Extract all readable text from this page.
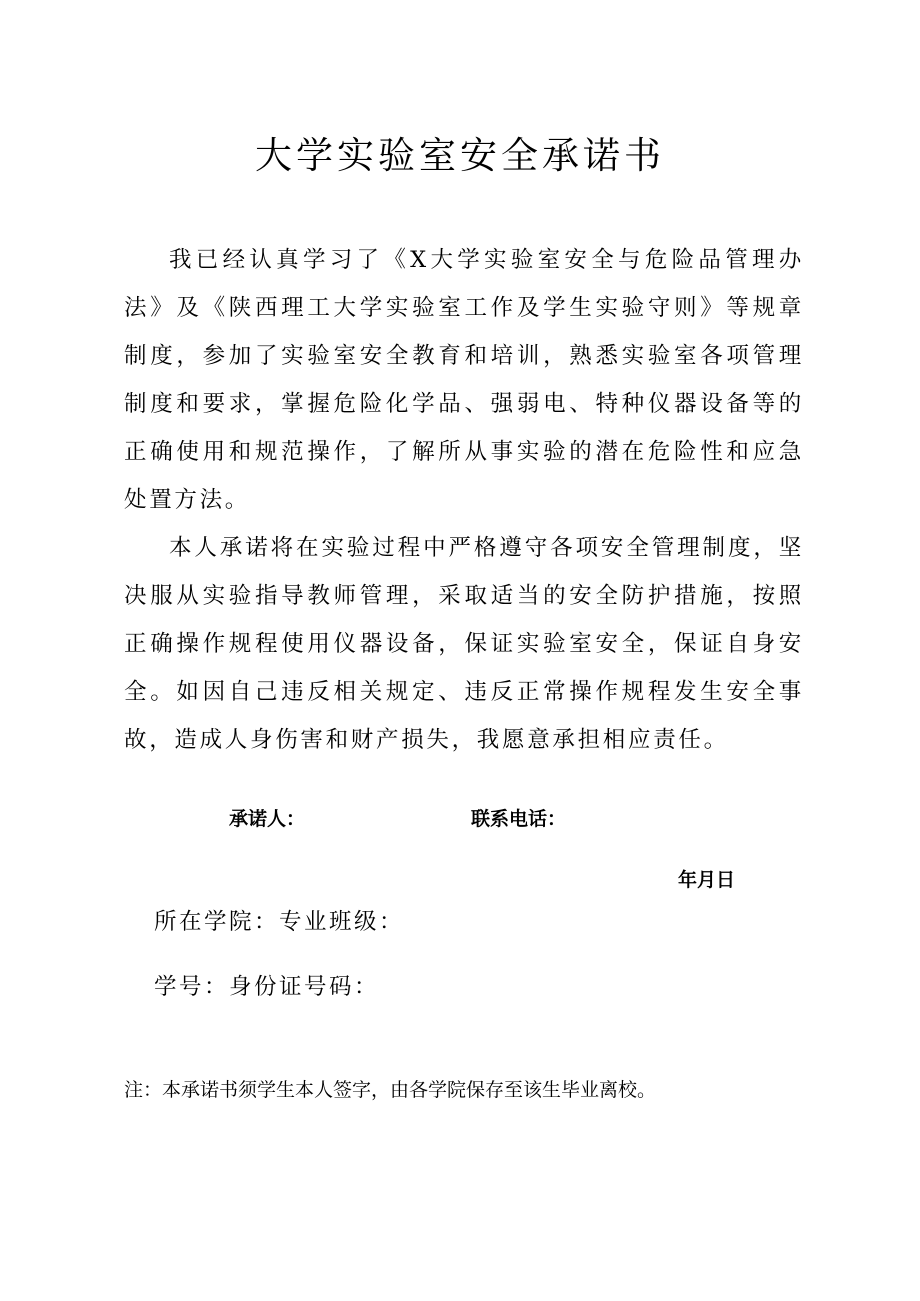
大学实验室安全承诺书

我已经认真学习了《X大学实验室安全与危险品管理办法》及《陕西理工大学实验室工作及学生实验守则》等规章制度，参加了实验室安全教育和培训，熟悉实验室各项管理制度和要求，掌握危险化学品、强弱电、特种仪器设备等的正确使用和规范操作，了解所从事实验的潜在危险性和应急处置方法。

本人承诺将在实验过程中严格遵守各项安全管理制度，坚决服从实验指导教师管理，采取适当的安全防护措施，按照正确操作规程使用仪器设备，保证实验室安全，保证自身安全。如因自己违反相关规定、违反正常操作规程发生安全事故，造成人身伤害和财产损失，我愿意承担相应责任。

承诺人：	联系电话：
年月日
所在学院：专业班级：
学号：身份证号码：
注：本承诺书须学生本人签字，由各学院保存至该生毕业离校。
